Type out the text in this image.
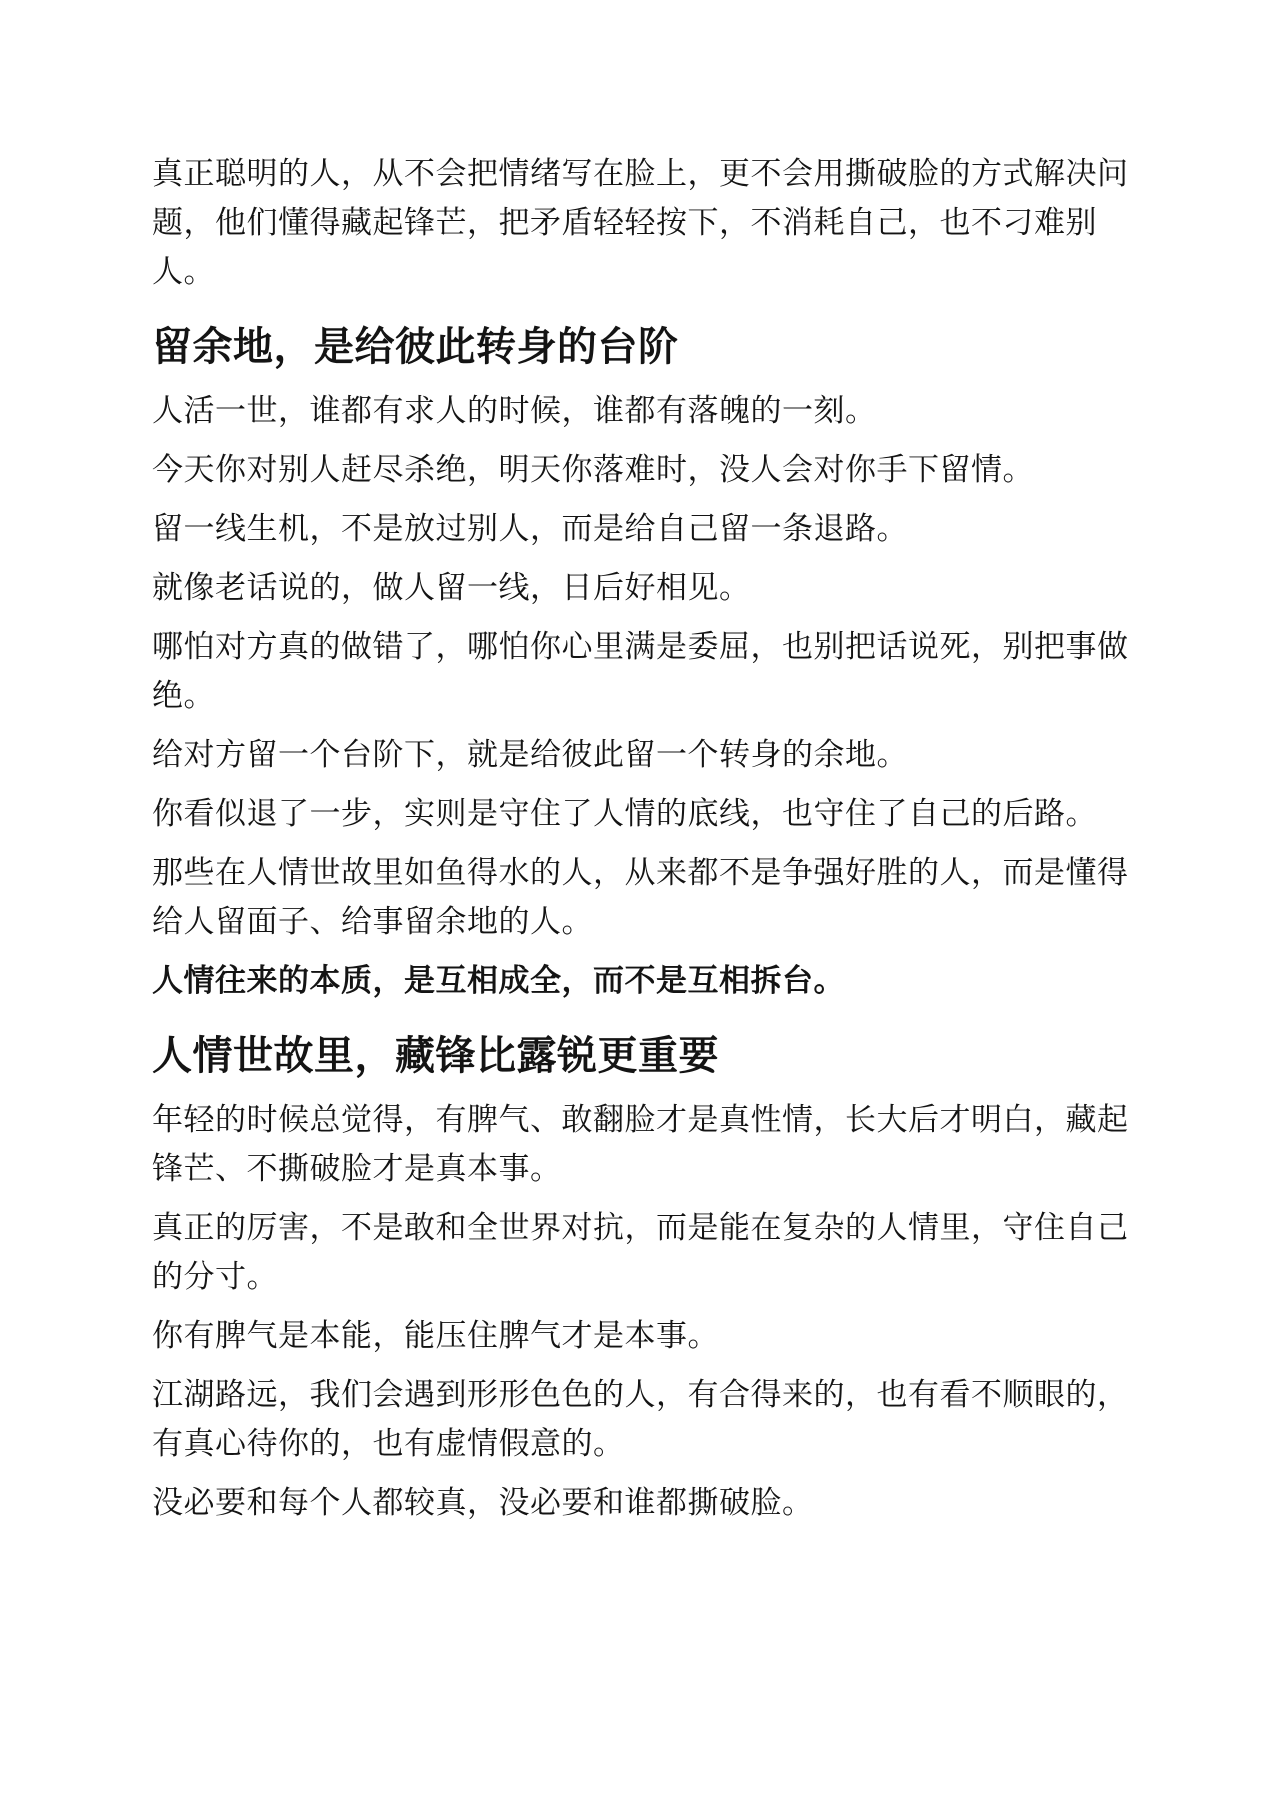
真正聪明的人，从不会把情绪写在脸上，更不会用撕破脸的方式解决问题，他们懂得藏起锋芒，把矛盾轻轻按下，不消耗自己，也不刁难别人。

留余地，是给彼此转身的台阶

人活一世，谁都有求人的时候，谁都有落魄的一刻。

今天你对别人赶尽杀绝，明天你落难时，没人会对你手下留情。

留一线生机，不是放过别人，而是给自己留一条退路。

就像老话说的，做人留一线，日后好相见。

哪怕对方真的做错了，哪怕你心里满是委屈，也别把话说死，别把事做绝。

给对方留一个台阶下，就是给彼此留一个转身的余地。

你看似退了一步，实则是守住了人情的底线，也守住了自己的后路。

那些在人情世故里如鱼得水的人，从来都不是争强好胜的人，而是懂得给人留面子、给事留余地的人。

人情往来的本质，是互相成全，而不是互相拆台。

人情世故里，藏锋比露锐更重要

年轻的时候总觉得，有脾气、敢翻脸才是真性情，长大后才明白，藏起锋芒、不撕破脸才是真本事。

真正的厉害，不是敢和全世界对抗，而是能在复杂的人情里，守住自己的分寸。

你有脾气是本能，能压住脾气才是本事。

江湖路远，我们会遇到形形色色的人，有合得来的，也有看不顺眼的，有真心待你的，也有虚情假意的。

没必要和每个人都较真，没必要和谁都撕破脸。
